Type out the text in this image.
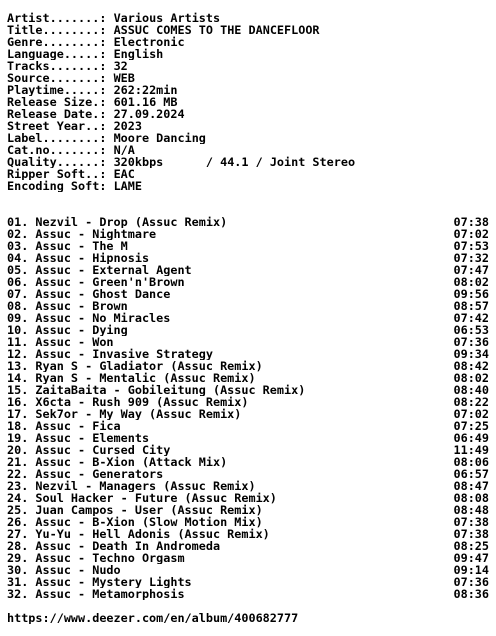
Artist.......: Various Artists
Title........: ASSUC COMES TO THE DANCEFLOOR
Genre........: Electronic
Language.....: English
Tracks.......: 32
Source.......: WEB
Playtime.....: 262:22min
Release Size.: 601.16 MB
Release Date.: 27.09.2024
Street Year..: 2023
Label........: Moore Dancing
Cat.no.......: N/A
Quality......: 320kbps      / 44.1 / Joint Stereo
Ripper Soft..: EAC
Encoding Soft: LAME
01. Nezvil - Drop (Assuc Remix)	07:38
02. Assuc - Nightmare	07:02
03. Assuc - The M	07:53
04. Assuc - Hipnosis	07:32
05. Assuc - External Agent	07:47
06. Assuc - Green'n'Brown	08:02
07. Assuc - Ghost Dance	09:56
08. Assuc - Brown	08:57
09. Assuc - No Miracles	07:42
10. Assuc - Dying	06:53
11. Assuc - Won	07:36
12. Assuc - Invasive Strategy	09:34
13. Ryan S - Gladiator (Assuc Remix)	08:42
14. Ryan S - Mentalic (Assuc Remix)	08:02
15. ZaitaBaita - Gobileitung (Assuc Remix)	08:40
16. X6cta - Rush 909 (Assuc Remix)	08:22
17. Sek7or - My Way (Assuc Remix)	07:02
18. Assuc - Fica	07:25
19. Assuc - Elements	06:49
20. Assuc - Cursed City	11:49
21. Assuc - B-Xion (Attack Mix)	08:06
22. Assuc - Generators	06:57
23. Nezvil - Managers (Assuc Remix)	08:47
24. Soul Hacker - Future (Assuc Remix)	08:08
25. Juan Campos - User (Assuc Remix)	08:48
26. Assuc - B-Xion (Slow Motion Mix)	07:38
27. Yu-Yu - Hell Adonis (Assuc Remix)	07:38
28. Assuc - Death In Andromeda	08:25
29. Assuc - Techno Orgasm	09:47
30. Assuc - Nudo	09:14
31. Assuc - Mystery Lights	07:36
32. Assuc - Metamorphosis	08:36
https://www.deezer.com/en/album/400682777
